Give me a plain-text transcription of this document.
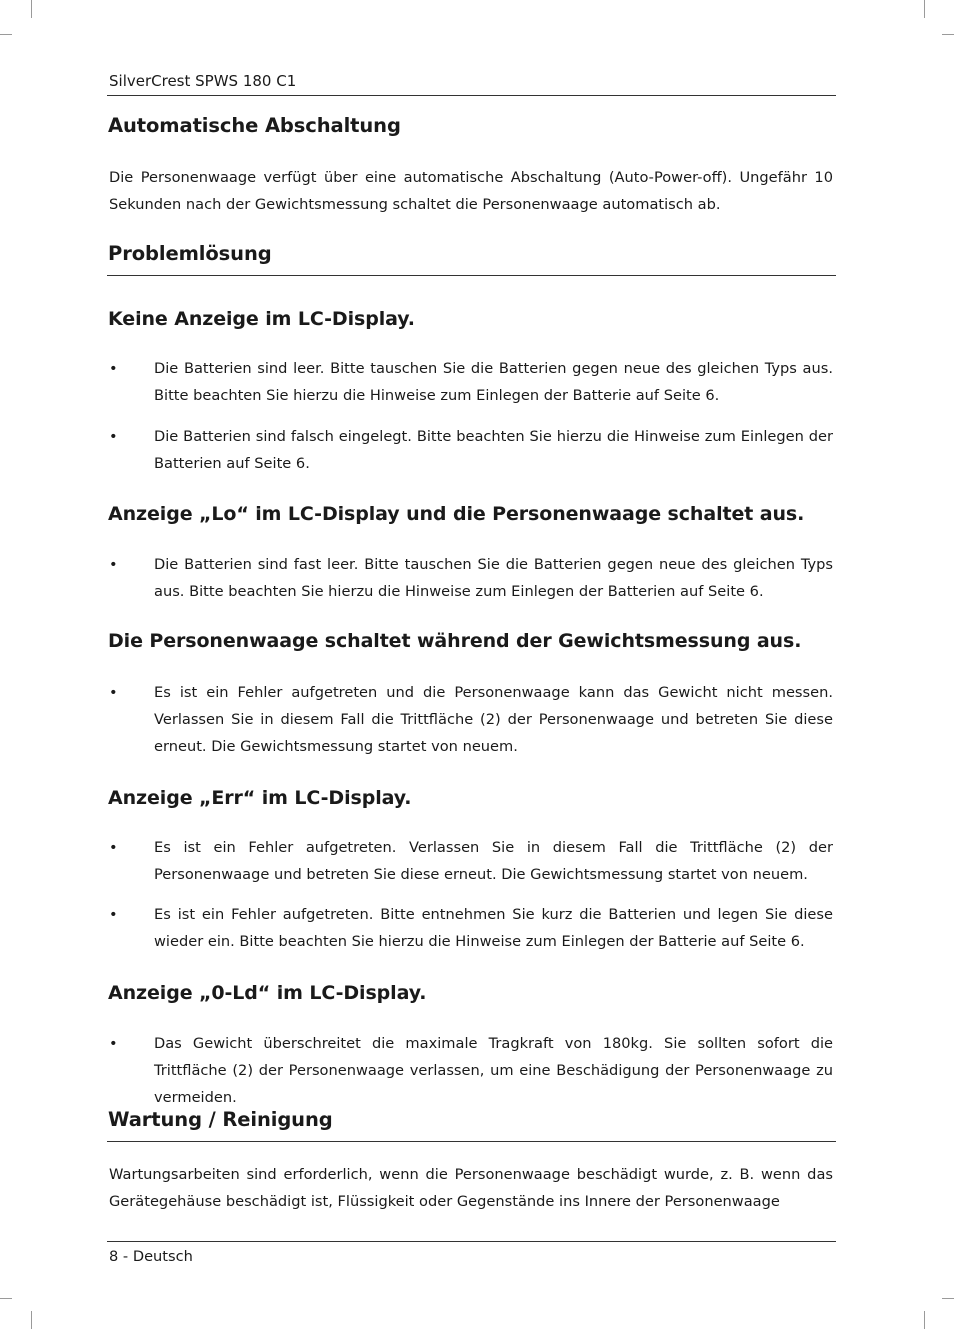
SilverCrest SPWS 180 C1
Automatische Abschaltung

Die Personenwaage verfügt über eine automatische Abschaltung (Auto-Power-off). Ungefähr 10 Sekunden nach der Gewichtsmessung schaltet die Personenwaage automatisch ab.

Problemlösung
Keine Anzeige im LC-Display.
•	Die Batterien sind leer. Bitte tauschen Sie die Batterien gegen neue des gleichen Typs aus. Bitte beachten Sie hierzu die Hinweise zum Einlegen der Batterie auf Seite 6.

•	Die Batterien sind falsch eingelegt. Bitte beachten Sie hierzu die Hinweise zum Einlegen der Batterien auf Seite 6.

Anzeige „Lo“ im LC-Display und die Personenwaage schaltet aus.
•	Die Batterien sind fast leer. Bitte tauschen Sie die Batterien gegen neue des gleichen Typs aus. Bitte beachten Sie hierzu die Hinweise zum Einlegen der Batterien auf Seite 6.

Die Personenwaage schaltet während der Gewichtsmessung aus.
•	Es ist ein Fehler aufgetreten und die Personenwaage kann das Gewicht nicht messen. Verlassen Sie in diesem Fall die Trittfläche (2) der Personenwaage und betreten Sie diese erneut. Die Gewichtsmessung startet von neuem.

Anzeige „Err“ im LC-Display.
•	Es ist ein Fehler aufgetreten. Verlassen Sie in diesem Fall die Trittfläche (2) der Personenwaage und betreten Sie diese erneut. Die Gewichtsmessung startet von neuem.

•	Es ist ein Fehler aufgetreten. Bitte entnehmen Sie kurz die Batterien und legen Sie diese wieder ein. Bitte beachten Sie hierzu die Hinweise zum Einlegen der Batterie auf Seite 6.

Anzeige „0-Ld“ im LC-Display.
•	Das Gewicht überschreitet die maximale Tragkraft von 180kg. Sie sollten sofort die Trittfläche (2) der Personenwaage verlassen, um eine Beschädigung der Personenwaage zu vermeiden.

Wartung / Reinigung

Wartungsarbeiten sind erforderlich, wenn die Personenwaage beschädigt wurde, z. B. wenn das Gerätegehäuse beschädigt ist, Flüssigkeit oder Gegenstände ins Innere der Personenwaage

8 - Deutsch
